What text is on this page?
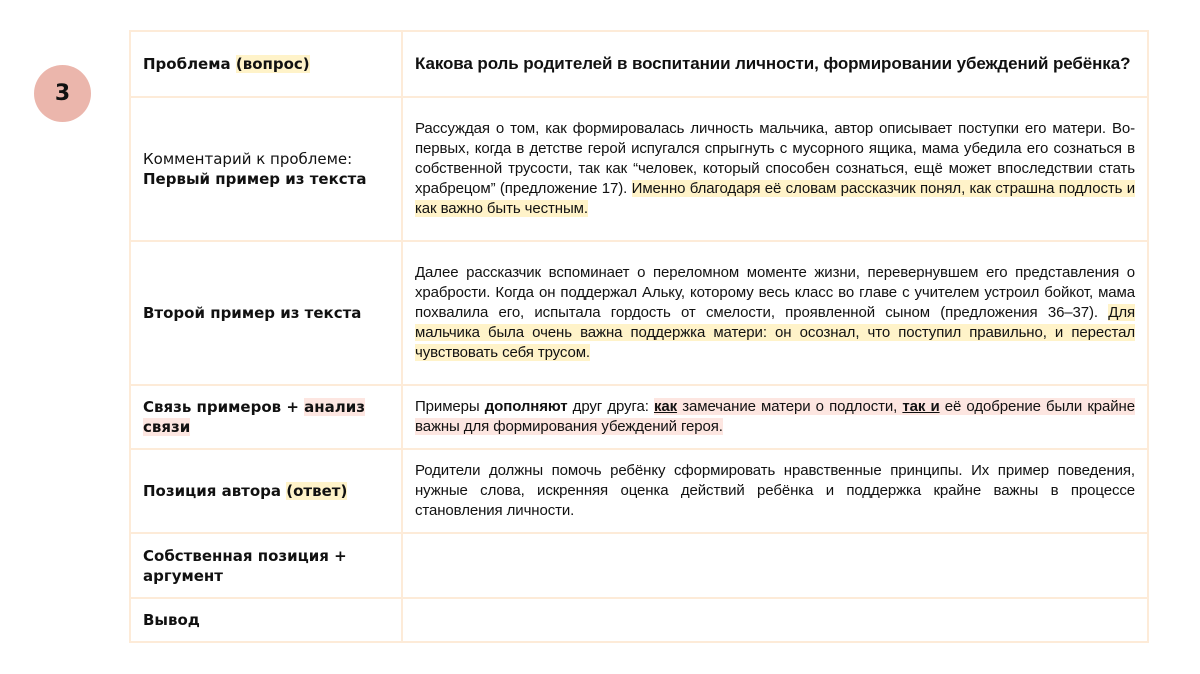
3
Проблема (вопрос)	Какова роль родителей в воспитании личности, формировании убеждений ребёнка?

Комментарий к проблеме:
Первый пример из текста	Рассуждая о том, как формировалась личность мальчика, автор описывает поступки его матери. Во-первых, когда в детстве герой испугался спрыгнуть с мусорного ящика, мама убедила его сознаться в собственной трусости, так как “человек, который способен сознаться, ещё может впоследствии стать храбрецом” (предложение 17). Именно благодаря её словам рассказчик понял, как страшна подлость и как важно быть честным.
Второй пример из текста	Далее рассказчик вспоминает о переломном моменте жизни, перевернувшем его представления о храбрости. Когда он поддержал Альку, которому весь класс во главе с учителем устроил бойкот, мама похвалила его, испытала гордость от смелости, проявленной сыном (предложения 36–37). Для мальчика была очень важна поддержка матери: он осознал, что поступил правильно, и перестал чувствовать себя трусом.
Связь примеров + анализ связи	Примеры дополняют друг друга: как замечание матери о подлости, так и её одобрение были крайне важны для формирования убеждений героя.
Позиция автора (ответ)	Родители должны помочь ребёнку сформировать нравственные принципы. Их пример поведения, нужные слова, искренняя оценка действий ребёнка и поддержка крайне важны в процессе становления личности.
Собственная позиция + аргумент	
Вывод	
